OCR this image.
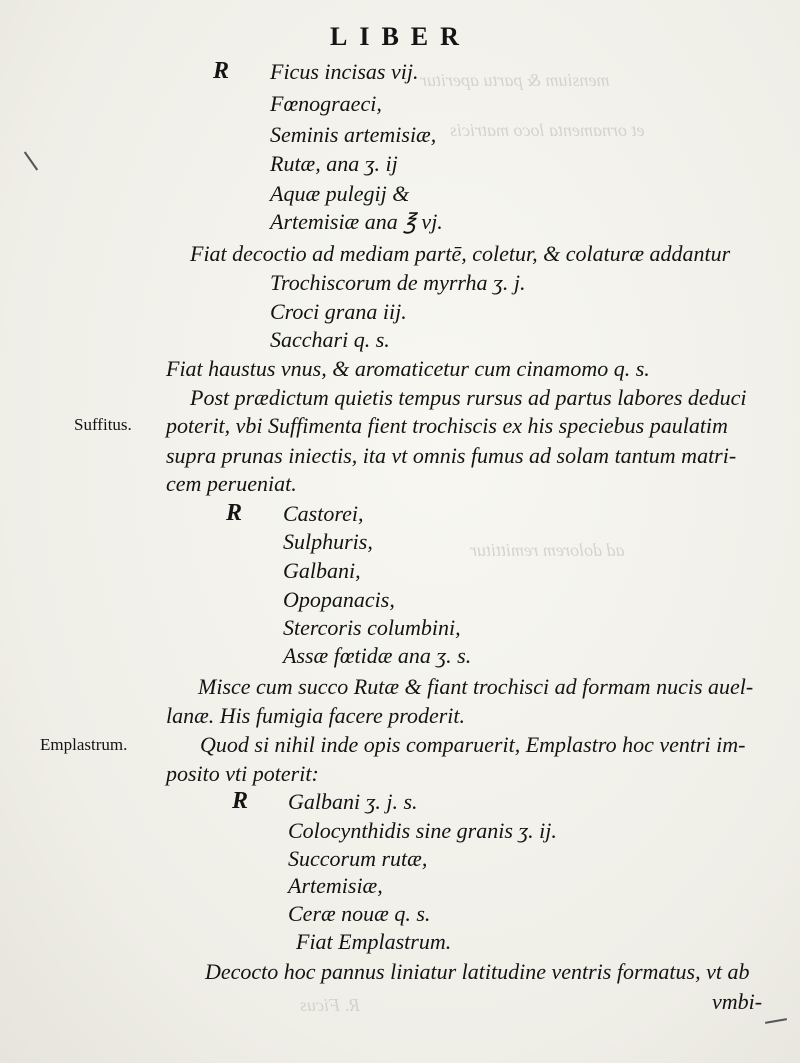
mensium & partu aperitur
et ornamenta loco matricis
ad dolorem remittitur
R. Ficus
LIBER
R Ficus incisas vij.
Fœnograeci,
Seminis artemisiæ,
Rutæ, ana ʒ. ij
Aquæ pulegij &
Artemisiæ ana ℥ vj.
Fiat decoctio ad mediam partē, coletur, & colaturæ addantur
Trochiscorum de myrrha ʒ. j.
Croci grana iij.
Sacchari q. s.
Fiat haustus vnus, & aromaticetur cum cinamomo q. s.
Post prædictum quietis tempus rursus ad partus labores deduci
Suffitus. poterit, vbi Suffimenta fient trochiscis ex his speciebus paulatim
supra prunas iniectis, ita vt omnis fumus ad solam tantum matri-
cem perueniat.
R Castorei,
Sulphuris,
Galbani,
Opopanacis,
Stercoris columbini,
Assæ fœtidæ ana ʒ. s.
Misce cum succo Rutæ & fiant trochisci ad formam nucis auel-
lanæ. His fumigia facere proderit.
Emplastrum.	Quod si nihil inde opis comparuerit, Emplastro hoc ventri im-
posito vti poterit:
R Galbani ʒ. j. s.
Colocynthidis sine granis ʒ. ij.
Succorum rutæ,
Artemisiæ,
Ceræ nouæ q. s.
Fiat Emplastrum.
Decocto hoc pannus liniatur latitudine ventris formatus, vt ab
vmbi-
